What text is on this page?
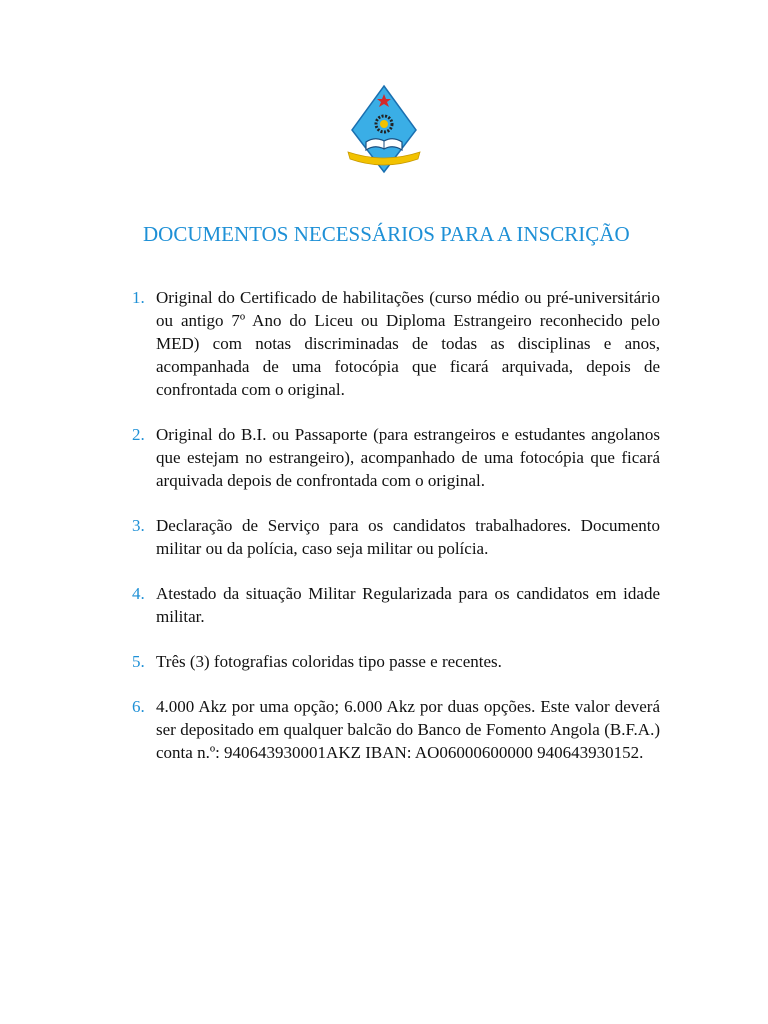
DOCUMENTOS NECESSÁRIOS PARA A INSCRIÇÃO
1. Original do Certificado de habilitações (curso médio ou pré-universitário ou antigo 7º Ano do Liceu ou Diploma Estrangeiro reconhecido pelo MED) com notas discriminadas de todas as disciplinas e anos, acompanhada de uma fotocópia que ficará arquivada, depois de confrontada com o original.
2. Original do B.I. ou Passaporte (para estrangeiros e estudantes angolanos que estejam no estrangeiro), acompanhado de uma fotocópia que ficará arquivada depois de confrontada com o original.
3. Declaração de Serviço para os candidatos trabalhadores. Documento militar ou da polícia, caso seja militar ou polícia.
4. Atestado da situação Militar Regularizada para os candidatos em idade militar.
5. Três (3) fotografias coloridas tipo passe e recentes.
6. 4.000 Akz por uma opção; 6.000 Akz por duas opções. Este valor deverá ser depositado em qualquer balcão do Banco de Fomento Angola (B.F.A.) conta n.º: 940643930001AKZ IBAN: AO06000600000 940643930152.
